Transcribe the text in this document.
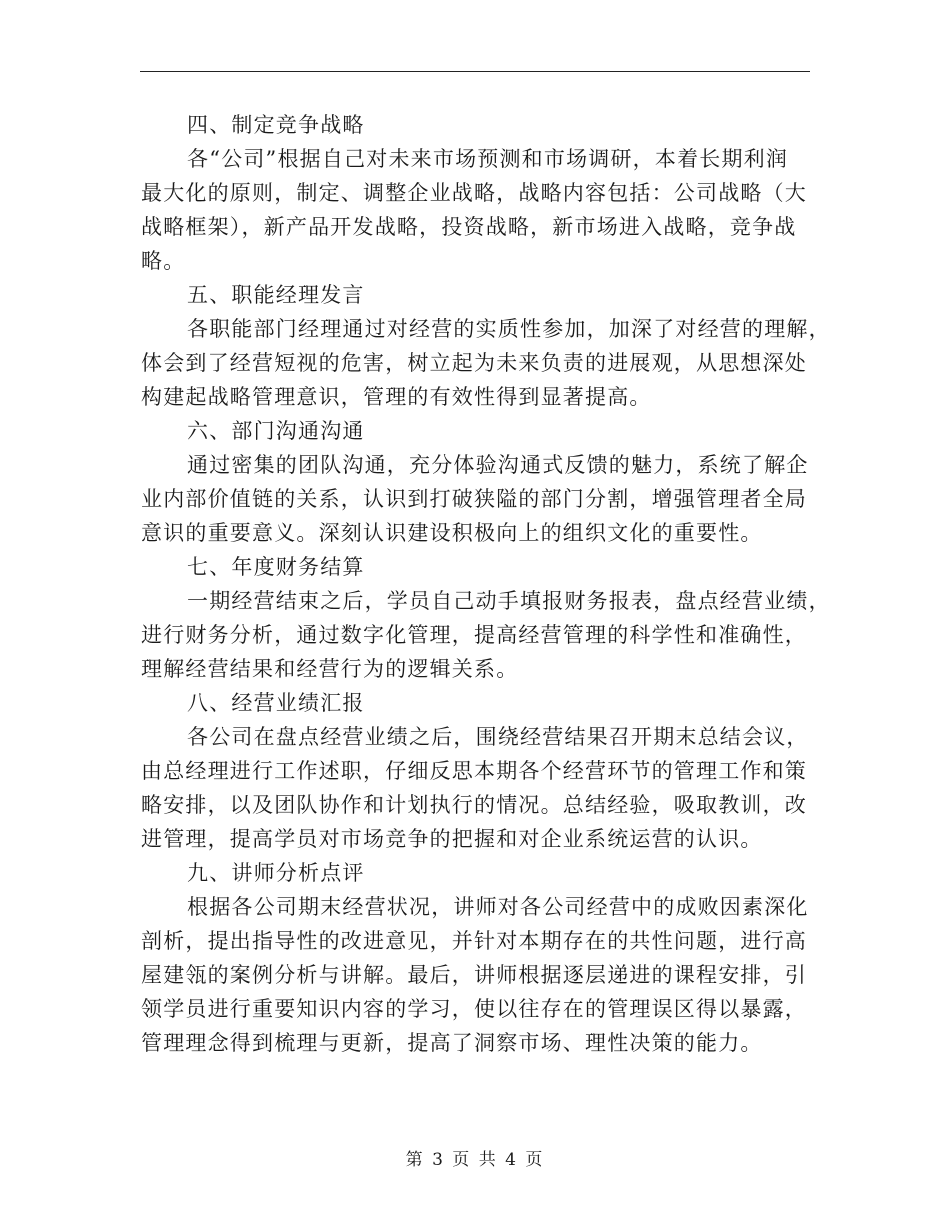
四、制定竞争战略
各“公司”根据自己对未来市场预测和市场调研，本着长期利润
最大化的原则，制定、调整企业战略，战略内容包括：公司战略（大
战略框架），新产品开发战略，投资战略，新市场进入战略，竞争战
略。
五、职能经理发言
各职能部门经理通过对经营的实质性参加，加深了对经营的理解，
体会到了经营短视的危害，树立起为未来负责的进展观，从思想深处
构建起战略管理意识，管理的有效性得到显著提高。
六、部门沟通沟通
通过密集的团队沟通，充分体验沟通式反馈的魅力，系统了解企
业内部价值链的关系，认识到打破狭隘的部门分割，增强管理者全局
意识的重要意义。深刻认识建设积极向上的组织文化的重要性。
七、年度财务结算
一期经营结束之后，学员自己动手填报财务报表，盘点经营业绩，
进行财务分析，通过数字化管理，提高经营管理的科学性和准确性，
理解经营结果和经营行为的逻辑关系。
八、经营业绩汇报
各公司在盘点经营业绩之后，围绕经营结果召开期末总结会议，
由总经理进行工作述职，仔细反思本期各个经营环节的管理工作和策
略安排，以及团队协作和计划执行的情况。总结经验，吸取教训，改
进管理，提高学员对市场竞争的把握和对企业系统运营的认识。
九、讲师分析点评
根据各公司期末经营状况，讲师对各公司经营中的成败因素深化
剖析，提出指导性的改进意见，并针对本期存在的共性问题，进行高
屋建瓴的案例分析与讲解。最后，讲师根据逐层递进的课程安排，引
领学员进行重要知识内容的学习，使以往存在的管理误区得以暴露，
管理理念得到梳理与更新，提高了洞察市场、理性决策的能力。
第 3 页 共 4 页
